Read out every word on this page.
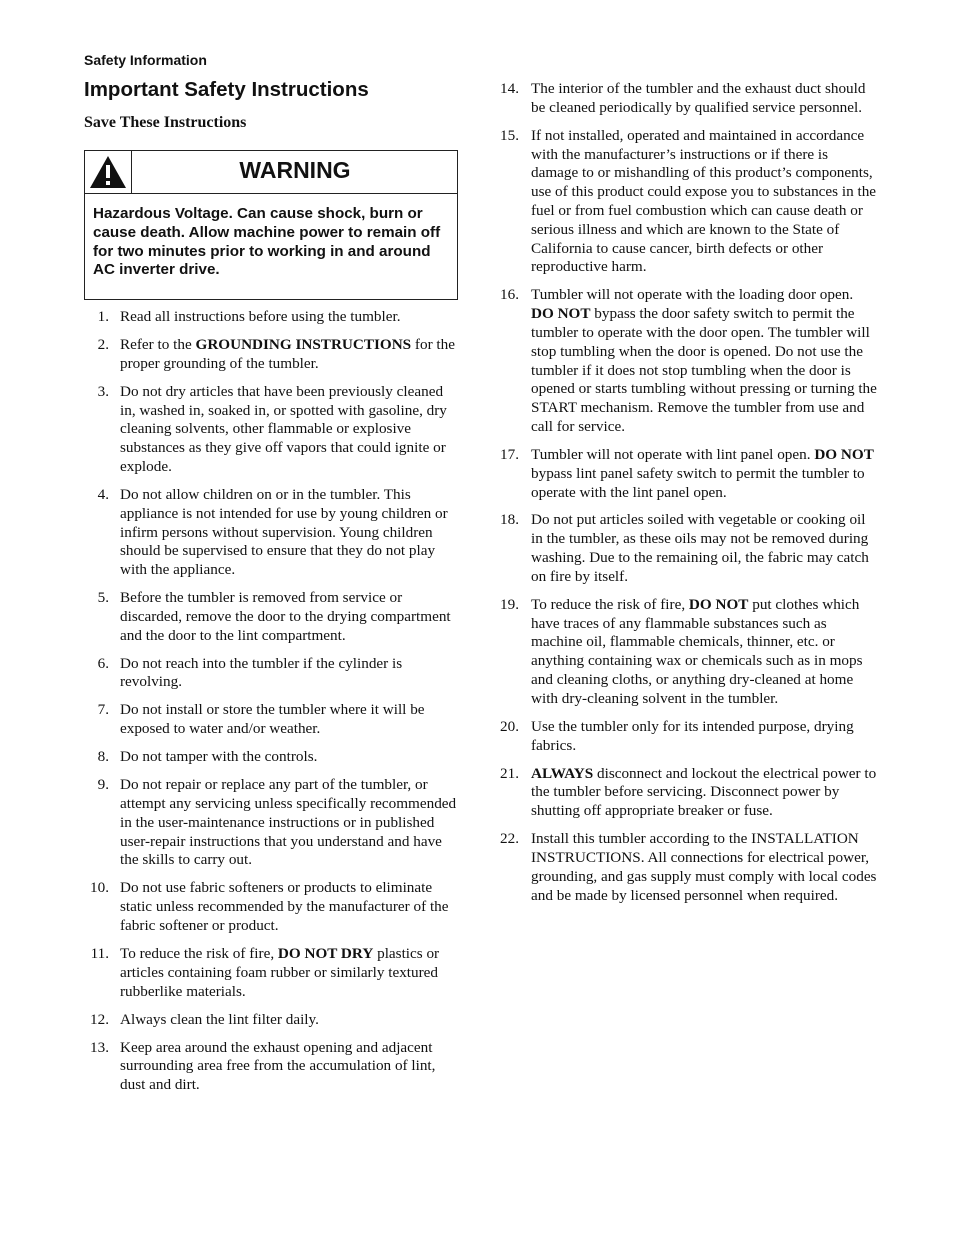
Safety Information
Important Safety Instructions
Save These Instructions
WARNING
Hazardous Voltage. Can cause shock, burn or cause death. Allow machine power to remain off for two minutes prior to working in and around AC inverter drive.
1. Read all instructions before using the tumbler.
2. Refer to the GROUNDING INSTRUCTIONS for the proper grounding of the tumbler.
3. Do not dry articles that have been previously cleaned in, washed in, soaked in, or spotted with gasoline, dry cleaning solvents, other flammable or explosive substances as they give off vapors that could ignite or explode.
4. Do not allow children on or in the tumbler. This appliance is not intended for use by young children or infirm persons without supervision. Young children should be supervised to ensure that they do not play with the appliance.
5. Before the tumbler is removed from service or discarded, remove the door to the drying compartment and the door to the lint compartment.
6. Do not reach into the tumbler if the cylinder is revolving.
7. Do not install or store the tumbler where it will be exposed to water and/or weather.
8. Do not tamper with the controls.
9. Do not repair or replace any part of the tumbler, or attempt any servicing unless specifically recommended in the user-maintenance instructions or in published user-repair instructions that you understand and have the skills to carry out.
10. Do not use fabric softeners or products to eliminate static unless recommended by the manufacturer of the fabric softener or product.
11. To reduce the risk of fire, DO NOT DRY plastics or articles containing foam rubber or similarly textured rubberlike materials.
12. Always clean the lint filter daily.
13. Keep area around the exhaust opening and adjacent surrounding area free from the accumulation of lint, dust and dirt.
14. The interior of the tumbler and the exhaust duct should be cleaned periodically by qualified service personnel.
15. If not installed, operated and maintained in accordance with the manufacturer’s instructions or if there is damage to or mishandling of this product’s components, use of this product could expose you to substances in the fuel or from fuel combustion which can cause death or serious illness and which are known to the State of California to cause cancer, birth defects or other reproductive harm.
16. Tumbler will not operate with the loading door open. DO NOT bypass the door safety switch to permit the tumbler to operate with the door open. The tumbler will stop tumbling when the door is opened. Do not use the tumbler if it does not stop tumbling when the door is opened or starts tumbling without pressing or turning the START mechanism. Remove the tumbler from use and call for service.
17. Tumbler will not operate with lint panel open. DO NOT bypass lint panel safety switch to permit the tumbler to operate with the lint panel open.
18. Do not put articles soiled with vegetable or cooking oil in the tumbler, as these oils may not be removed during washing. Due to the remaining oil, the fabric may catch on fire by itself.
19. To reduce the risk of fire, DO NOT put clothes which have traces of any flammable substances such as machine oil, flammable chemicals, thinner, etc. or anything containing wax or chemicals such as in mops and cleaning cloths, or anything dry-cleaned at home with dry-cleaning solvent in the tumbler.
20. Use the tumbler only for its intended purpose, drying fabrics.
21. ALWAYS disconnect and lockout the electrical power to the tumbler before servicing. Disconnect power by shutting off appropriate breaker or fuse.
22. Install this tumbler according to the INSTALLATION INSTRUCTIONS. All connections for electrical power, grounding, and gas supply must comply with local codes and be made by licensed personnel when required.
